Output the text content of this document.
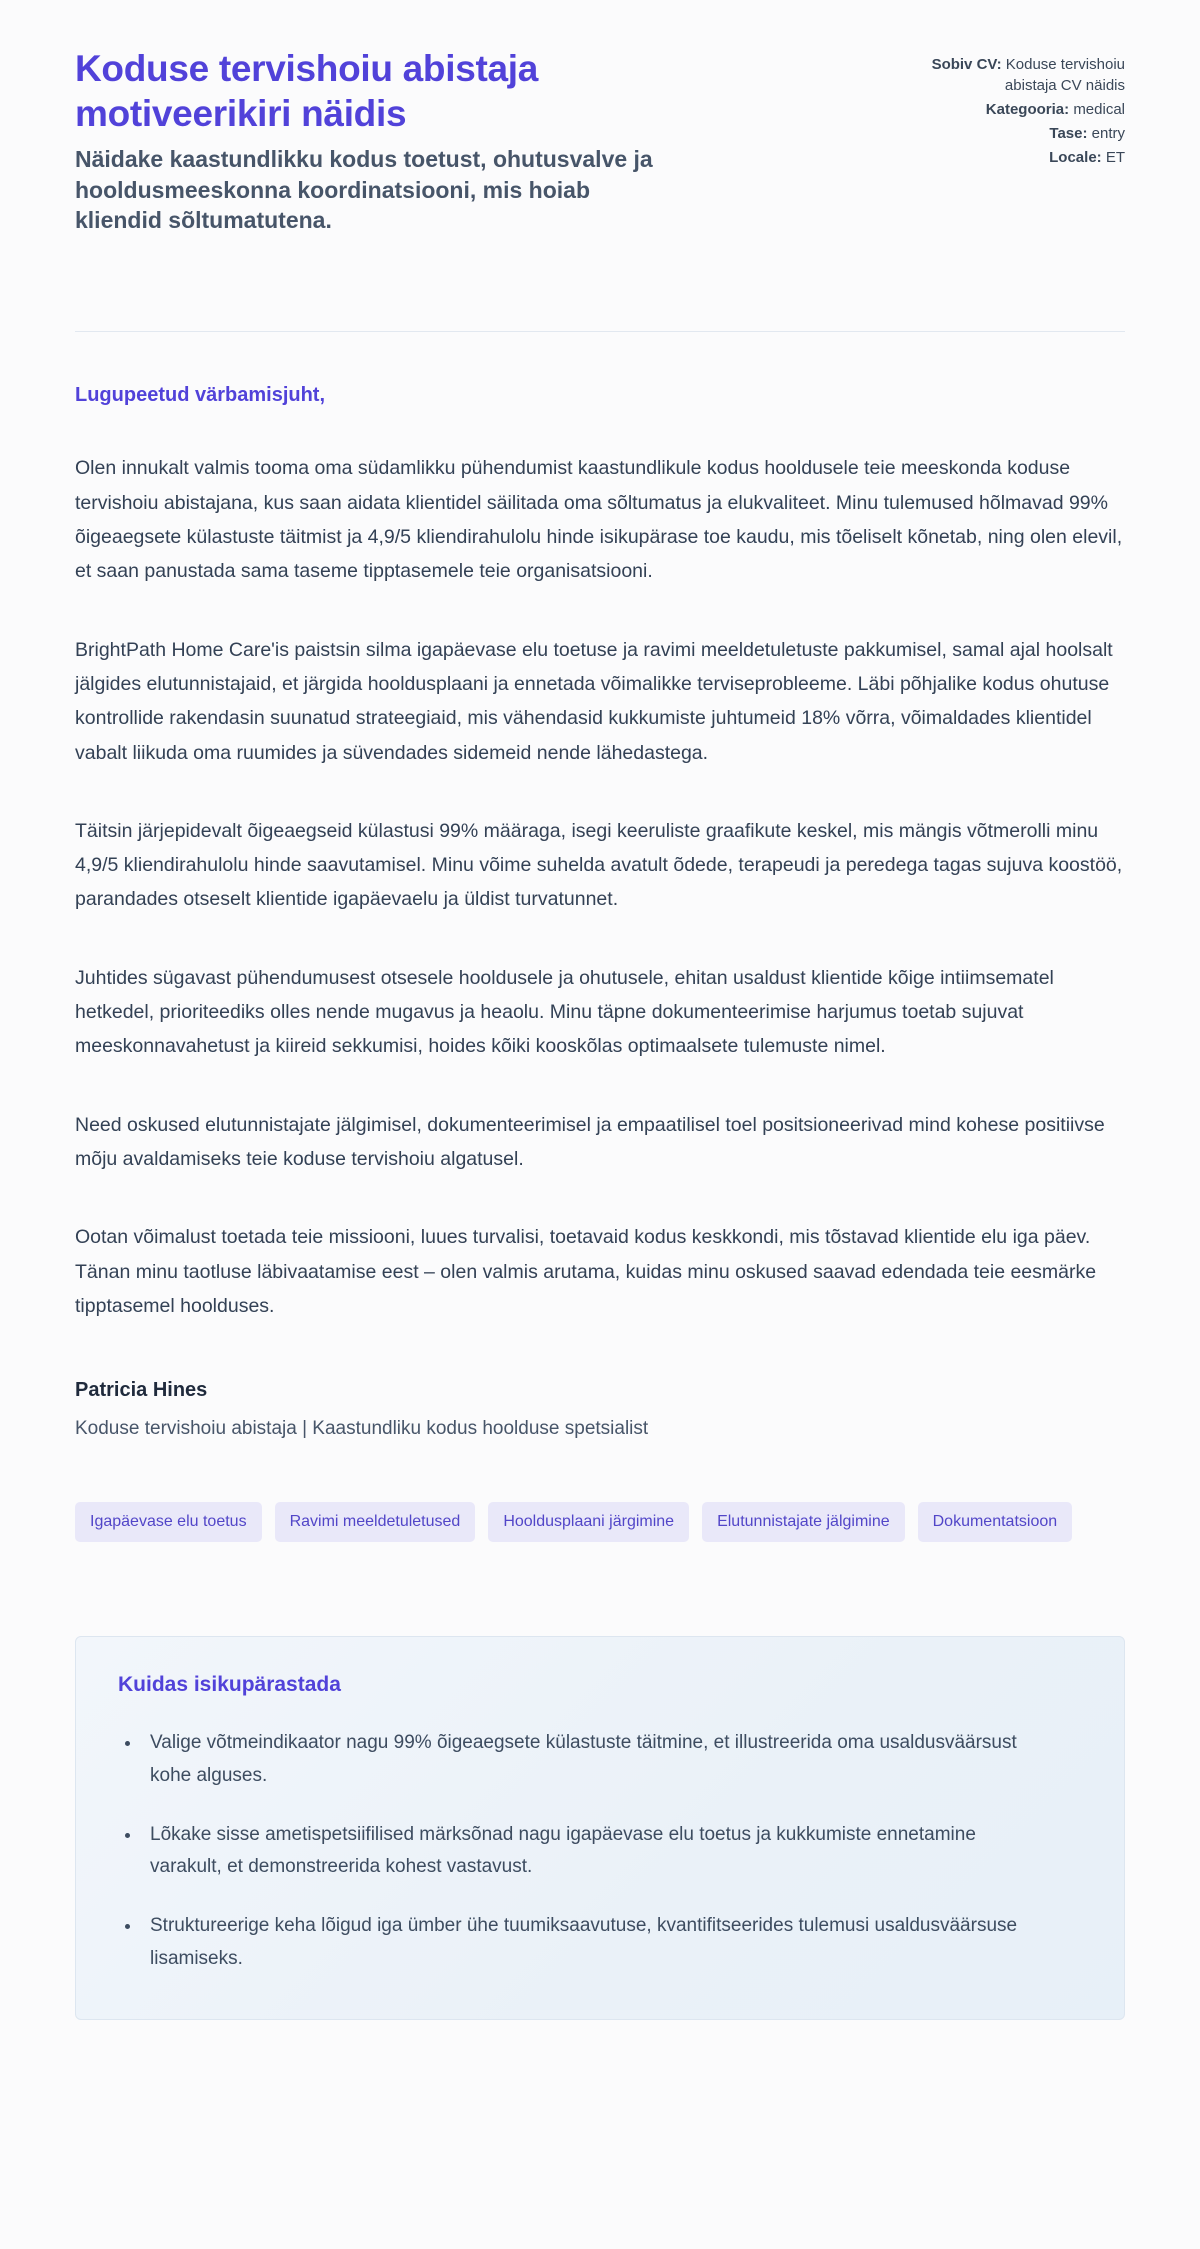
Koduse tervishoiu abistaja motiveerikiri näidis
Näidake kaastundlikku kodus toetust, ohutusvalve ja hooldusmeeskonna koordinatsiooni, mis hoiab kliendid sõltumatutena.
Sobiv CV: Koduse tervishoiu abistaja CV näidis
Kategooria: medical
Tase: entry
Locale: ET
Lugupeetud värbamisjuht,

Olen innukalt valmis tooma oma südamlikku pühendumist kaastundlikule kodus hooldusele teie meeskonda koduse tervishoiu abistajana, kus saan aidata klientidel säilitada oma sõltumatus ja elukvaliteet. Minu tulemused hõlmavad 99% õigeaegsete külastuste täitmist ja 4,9/5 kliendirahulolu hinde isikupärase toe kaudu, mis tõeliselt kõnetab, ning olen elevil, et saan panustada sama taseme tipptasemele teie organisatsiooni.

BrightPath Home Care'is paistsin silma igapäevase elu toetuse ja ravimi meeldetuletuste pakkumisel, samal ajal hoolsalt jälgides elutunnistajaid, et järgida hooldusplaani ja ennetada võimalikke terviseprobleeme. Läbi põhjalike kodus ohutuse kontrollide rakendasin suunatud strateegiaid, mis vähendasid kukkumiste juhtumeid 18% võrra, võimaldades klientidel vabalt liikuda oma ruumides ja süvendades sidemeid nende lähedastega.

Täitsin järjepidevalt õigeaegseid külastusi 99% määraga, isegi keeruliste graafikute keskel, mis mängis võtmerolli minu 4,9/5 kliendirahulolu hinde saavutamisel. Minu võime suhelda avatult õdede, terapeudi ja peredega tagas sujuva koostöö, parandades otseselt klientide igapäevaelu ja üldist turvatunnet.

Juhtides sügavast pühendumusest otsesele hooldusele ja ohutusele, ehitan usaldust klientide kõige intiimsematel hetkedel, prioriteediks olles nende mugavus ja heaolu. Minu täpne dokumenteerimise harjumus toetab sujuvat meeskonnavahetust ja kiireid sekkumisi, hoides kõiki kooskõlas optimaalsete tulemuste nimel.

Need oskused elutunnistajate jälgimisel, dokumenteerimisel ja empaatilisel toel positsioneerivad mind kohese positiivse mõju avaldamiseks teie koduse tervishoiu algatusel.

Ootan võimalust toetada teie missiooni, luues turvalisi, toetavaid kodus keskkondi, mis tõstavad klientide elu iga päev. Tänan minu taotluse läbivaatamise eest – olen valmis arutama, kuidas minu oskused saavad edendada teie eesmärke tipptasemel hoolduses.

Patricia Hines
Koduse tervishoiu abistaja | Kaastundliku kodus hoolduse spetsialist
Igapäevase elu toetus	Ravimi meeldetuletused	Hooldusplaani järgimine	Elutunnistajate jälgimine	Dokumentatsioon
Kuidas isikupärastada
• Valige võtmeindikaator nagu 99% õigeaegsete külastuste täitmine, et illustreerida oma usaldusväärsust kohe alguses.
• Lõkake sisse ametispetsiifilised märksõnad nagu igapäevase elu toetus ja kukkumiste ennetamine varakult, et demonstreerida kohest vastavust.
• Struktureerige keha lõigud iga ümber ühe tuumiksaavutuse, kvantifitseerides tulemusi usaldusväärsuse lisamiseks.
